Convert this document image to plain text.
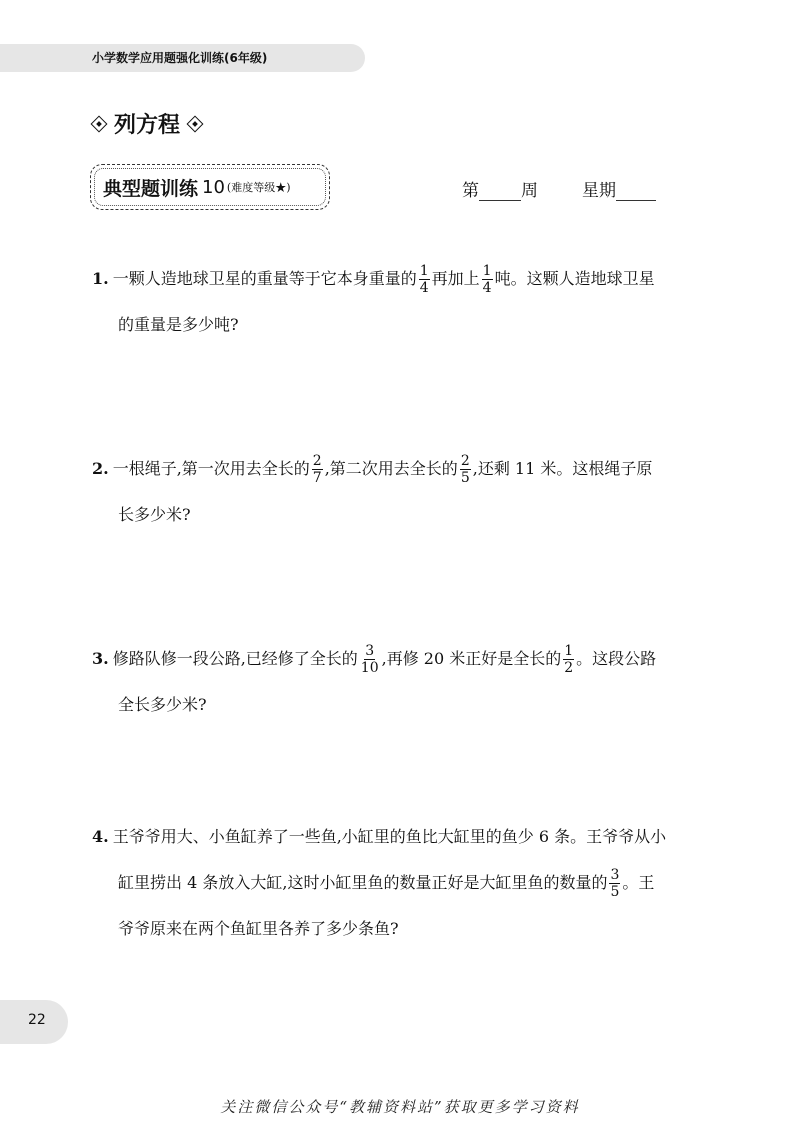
小学数学应用题强化训练(6年级)
列方程
典型题训练 10 (难度等级★)	第 周	星期
1. 一颗人造地球卫星的重量等于它本身重量的 $\frac{1}{4}$ 再加上 $\frac{1}{4}$ 吨。这颗人造地球卫星
的重量是多少吨?
2. 一根绳子,第一次用去全长的 $\frac{2}{7}$ ,第二次用去全长的 $\frac{2}{5}$ ,还剩 11 米。这根绳子原
长多少米?
3. 修路队修一段公路,已经修了全长的 $\frac{3}{10}$ ,再修 20 米正好是全长的 $\frac{1}{2}$ 。这段公路
全长多少米?
4. 王爷爷用大、小鱼缸养了一些鱼,小缸里的鱼比大缸里的鱼少 6 条。王爷爷从小
缸里捞出 4 条放入大缸,这时小缸里鱼的数量正好是大缸里鱼的数量的 $\frac{3}{5}$ 。王
爷爷原来在两个鱼缸里各养了多少条鱼?
22
关注微信公众号“教辅资料站”获取更多学习资料
